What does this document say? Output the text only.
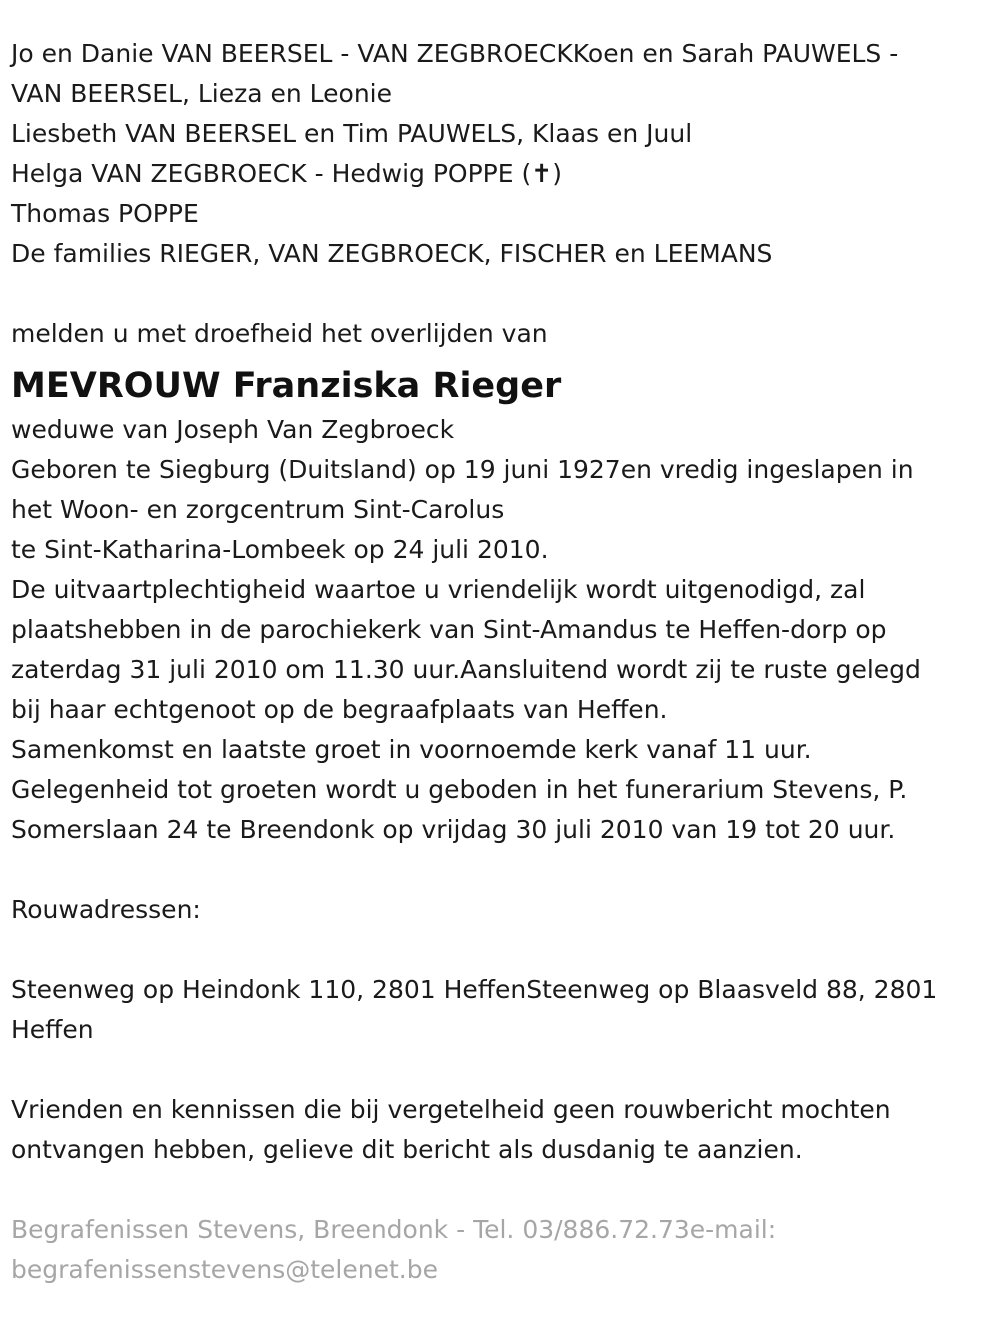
Jo en Danie VAN BEERSEL - VAN ZEGBROECKKoen en Sarah PAUWELS -
VAN BEERSEL, Lieza en Leonie
Liesbeth VAN BEERSEL en Tim PAUWELS, Klaas en Juul
Helga VAN ZEGBROECK - Hedwig POPPE (✝)
Thomas POPPE
De families RIEGER, VAN ZEGBROECK, FISCHER en LEEMANS
melden u met droefheid het overlijden van
MEVROUW Franziska Rieger
weduwe van Joseph Van Zegbroeck
Geboren te Siegburg (Duitsland) op 19 juni 1927en vredig ingeslapen in
het Woon- en zorgcentrum Sint-Carolus
te Sint-Katharina-Lombeek op 24 juli 2010.
De uitvaartplechtigheid waartoe u vriendelijk wordt uitgenodigd, zal
plaatshebben in de parochiekerk van Sint-Amandus te Heffen-dorp op
zaterdag 31 juli 2010 om 11.30 uur.Aansluitend wordt zij te ruste gelegd
bij haar echtgenoot op de begraafplaats van Heffen.
Samenkomst en laatste groet in voornoemde kerk vanaf 11 uur.
Gelegenheid tot groeten wordt u geboden in het funerarium Stevens, P.
Somerslaan 24 te Breendonk op vrijdag 30 juli 2010 van 19 tot 20 uur.
Rouwadressen:
Steenweg op Heindonk 110, 2801 HeffenSteenweg op Blaasveld 88, 2801
Heffen
Vrienden en kennissen die bij vergetelheid geen rouwbericht mochten
ontvangen hebben, gelieve dit bericht als dusdanig te aanzien.
Begrafenissen Stevens, Breendonk - Tel. 03/886.72.73e-mail:
begrafenissenstevens@telenet.be
